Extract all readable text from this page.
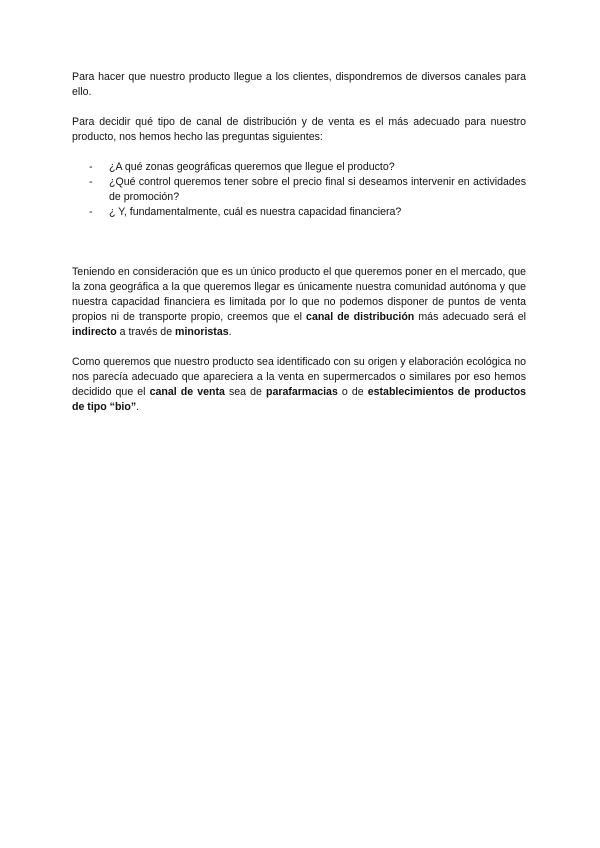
Para hacer que nuestro producto llegue a los clientes, dispondremos de diversos canales para ello.

Para decidir qué tipo de canal de distribución y de venta es el más adecuado para nuestro producto, nos hemos hecho las preguntas siguientes:

- ¿A qué zonas geográficas queremos que llegue el producto?
- ¿Qué control queremos tener sobre el precio final si deseamos intervenir en actividades de promoción?
- ¿ Y, fundamentalmente, cuál es nuestra capacidad financiera?

Teniendo en consideración que es un único producto el que queremos poner en el mercado, que la zona geográfica a la que queremos llegar es únicamente nuestra comunidad autónoma y que nuestra capacidad financiera es limitada por lo que no podemos disponer de puntos de venta propios ni de transporte propio, creemos que el canal de distribución más adecuado será el indirecto a través de minoristas.

Como queremos que nuestro producto sea identificado con su origen y elaboración ecológica no nos parecía adecuado que apareciera a la venta en supermercados o similares por eso hemos decidido que el canal de venta sea de parafarmacias o de establecimientos de productos de tipo “bio”.
